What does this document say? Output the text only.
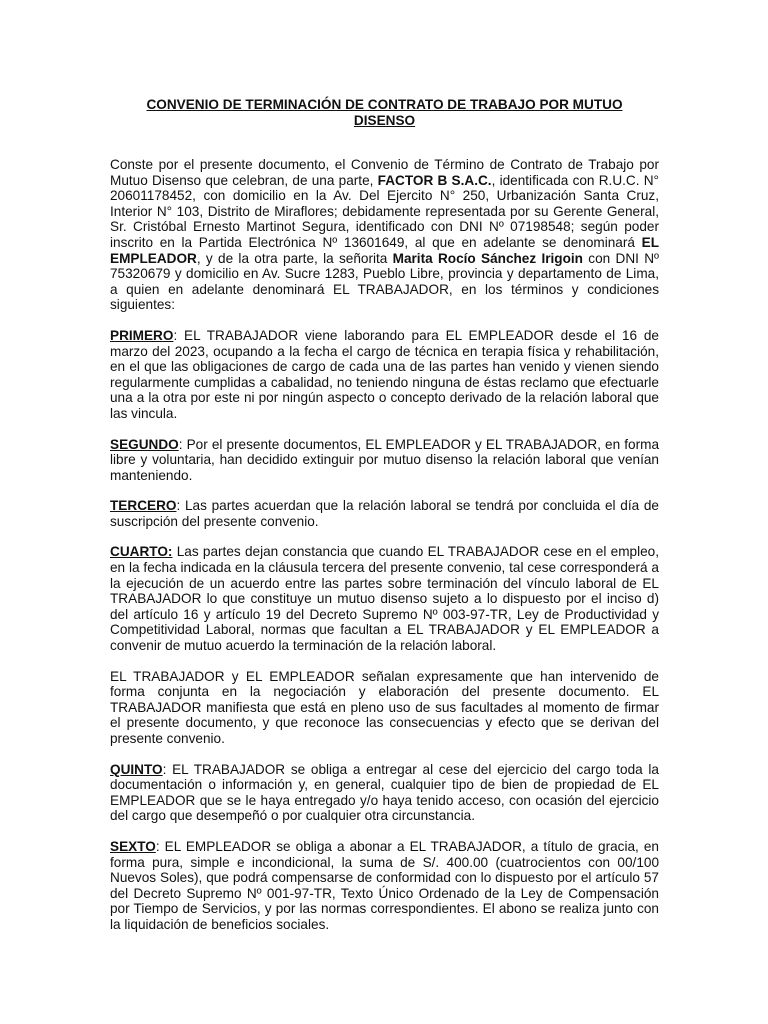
CONVENIO DE TERMINACIÓN DE CONTRATO DE TRABAJO POR MUTUO DISENSO

Conste por el presente documento, el Convenio de Término de Contrato de Trabajo por Mutuo Disenso que celebran, de una parte, FACTOR B S.A.C., identificada con R.U.C. N° 20601178452, con domicilio en la Av. Del Ejercito N° 250, Urbanización Santa Cruz, Interior N° 103, Distrito de Miraflores; debidamente representada por su Gerente General, Sr. Cristóbal Ernesto Martinot Segura, identificado con DNI Nº 07198548; según poder inscrito en la Partida Electrónica Nº 13601649, al que en adelante se denominará EL EMPLEADOR, y de la otra parte, la señorita Marita Rocío Sánchez Irigoin con DNI Nº 75320679 y domicilio en Av. Sucre 1283, Pueblo Libre, provincia y departamento de Lima, a quien en adelante denominará EL TRABAJADOR, en los términos y condiciones siguientes:

PRIMERO: EL TRABAJADOR viene laborando para EL EMPLEADOR desde el 16 de marzo del 2023, ocupando a la fecha el cargo de técnica en terapia física y rehabilitación, en el que las obligaciones de cargo de cada una de las partes han venido y vienen siendo regularmente cumplidas a cabalidad, no teniendo ninguna de éstas reclamo que efectuarle una a la otra por este ni por ningún aspecto o concepto derivado de la relación laboral que las vincula.

SEGUNDO: Por el presente documentos, EL EMPLEADOR y EL TRABAJADOR, en forma libre y voluntaria, han decidido extinguir por mutuo disenso la relación laboral que venían manteniendo.

TERCERO: Las partes acuerdan que la relación laboral se tendrá por concluida el día de suscripción del presente convenio.

CUARTO: Las partes dejan constancia que cuando EL TRABAJADOR cese en el empleo, en la fecha indicada en la cláusula tercera del presente convenio, tal cese corresponderá a la ejecución de un acuerdo entre las partes sobre terminación del vínculo laboral de EL TRABAJADOR lo que constituye un mutuo disenso sujeto a lo dispuesto por el inciso d) del artículo 16 y artículo 19 del Decreto Supremo Nº 003-97-TR, Ley de Productividad y Competitividad Laboral, normas que facultan a EL TRABAJADOR y EL EMPLEADOR a convenir de mutuo acuerdo la terminación de la relación laboral.

EL TRABAJADOR y EL EMPLEADOR señalan expresamente que han intervenido de forma conjunta en la negociación y elaboración del presente documento. EL TRABAJADOR manifiesta que está en pleno uso de sus facultades al momento de firmar el presente documento, y que reconoce las consecuencias y efecto que se derivan del presente convenio.

QUINTO: EL TRABAJADOR se obliga a entregar al cese del ejercicio del cargo toda la documentación o información y, en general, cualquier tipo de bien de propiedad de EL EMPLEADOR que se le haya entregado y/o haya tenido acceso, con ocasión del ejercicio del cargo que desempeñó o por cualquier otra circunstancia.

SEXTO: EL EMPLEADOR se obliga a abonar a EL TRABAJADOR, a título de gracia, en forma pura, simple e incondicional, la suma de S/. 400.00 (cuatrocientos con 00/100 Nuevos Soles), que podrá compensarse de conformidad con lo dispuesto por el artículo 57 del Decreto Supremo Nº 001-97-TR, Texto Único Ordenado de la Ley de Compensación por Tiempo de Servicios, y por las normas correspondientes. El abono se realiza junto con la liquidación de beneficios sociales.
